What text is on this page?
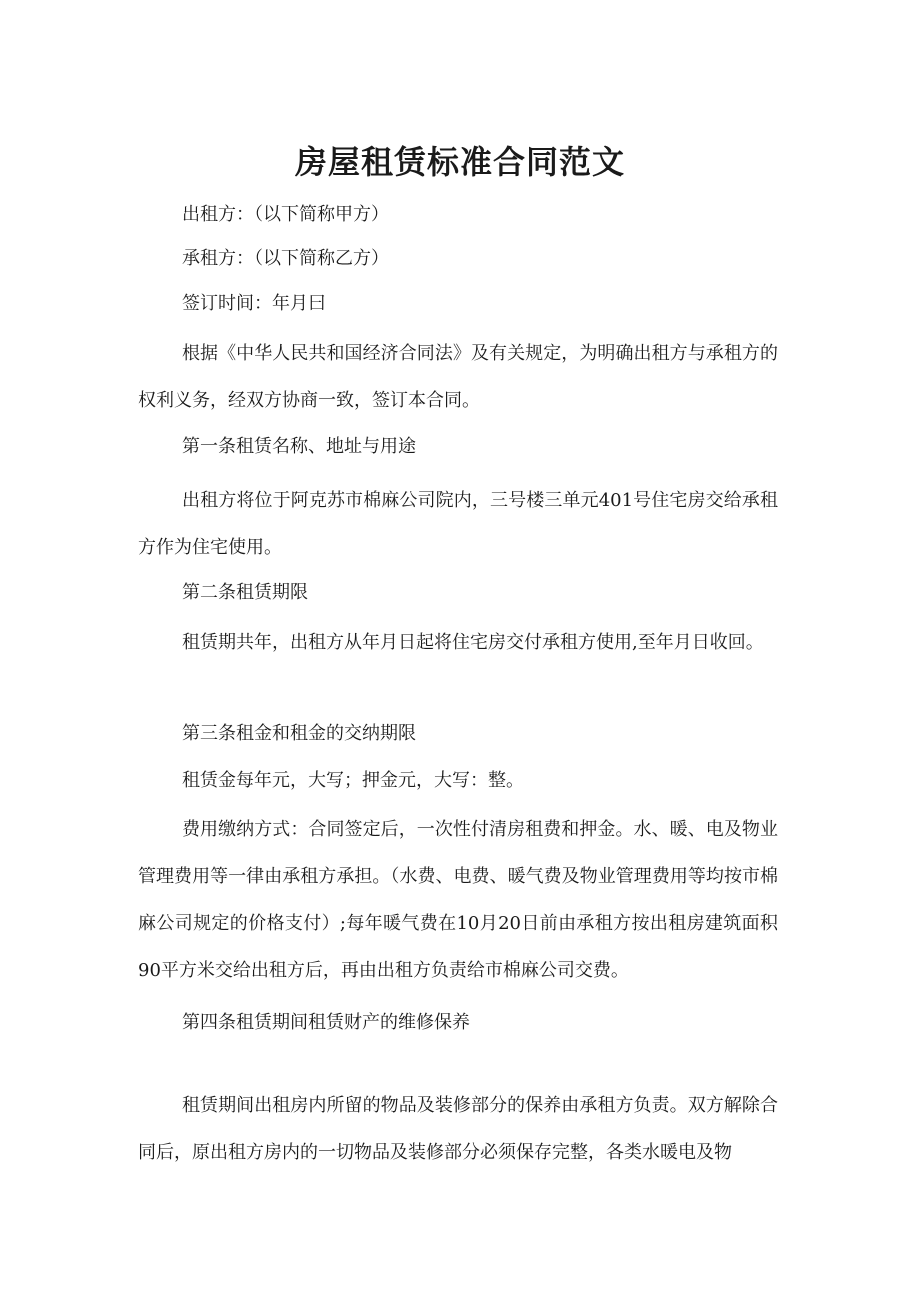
房屋租赁标准合同范文

出租方：（以下简称甲方）

承租方：（以下简称乙方）

签订时间：年月曰

根据《中华人民共和国经济合同法》及有关规定，为明确出租方与承租方的权利义务，经双方协商一致，签订本合同。

第一条租赁名称、地址与用途

出租方将位于阿克苏市棉麻公司院内，三号楼三单元401号住宅房交给承租方作为住宅使用。

第二条租赁期限

租赁期共年，出租方从年月日起将住宅房交付承租方使用,至年月日收回。

第三条租金和租金的交纳期限

租赁金每年元，大写；押金元，大写：整。

费用缴纳方式：合同签定后，一次性付清房租费和押金。水、暖、电及物业管理费用等一律由承租方承担。（水费、电费、暖气费及物业管理费用等均按市棉麻公司规定的价格支付）;每年暖气费在10月20日前由承租方按出租房建筑面积90平方米交给出租方后，再由出租方负责给市棉麻公司交费。

第四条租赁期间租赁财产的维修保养

租赁期间出租房内所留的物品及装修部分的保养由承租方负责。双方解除合同后，原出租方房内的一切物品及装修部分必须保存完整，各类水暖电及物
